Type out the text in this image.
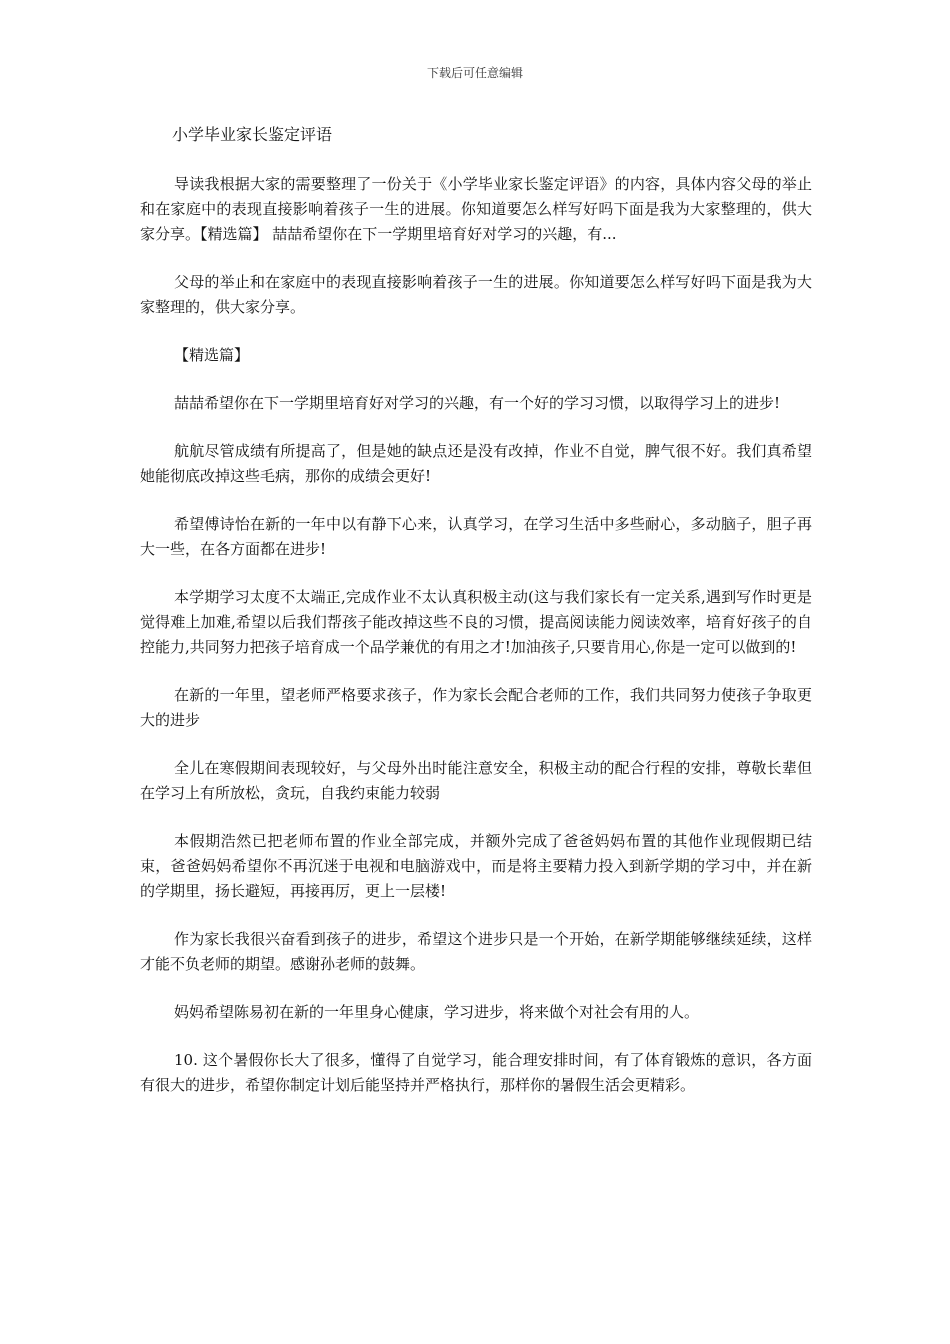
下载后可任意编辑
小学毕业家长鉴定评语

导读我根据大家的需要整理了一份关于《小学毕业家长鉴定评语》的内容，具体内容父母的举止和在家庭中的表现直接影响着孩子一生的进展。你知道要怎么样写好吗下面是我为大家整理的，供大家分享。【精选篇】 喆喆希望你在下一学期里培育好对学习的兴趣，有...

父母的举止和在家庭中的表现直接影响着孩子一生的进展。你知道要怎么样写好吗下面是我为大家整理的，供大家分享。

【精选篇】

喆喆希望你在下一学期里培育好对学习的兴趣，有一个好的学习习惯，以取得学习上的进步!

航航尽管成绩有所提高了，但是她的缺点还是没有改掉，作业不自觉，脾气很不好。我们真希望她能彻底改掉这些毛病，那你的成绩会更好!

希望傅诗怡在新的一年中以有静下心来，认真学习，在学习生活中多些耐心，多动脑子，胆子再大一些，在各方面都在进步!

本学期学习太度不太端正,完成作业不太认真积极主动(这与我们家长有一定关系,遇到写作时更是觉得难上加难,希望以后我们帮孩子能改掉这些不良的习惯，提高阅读能力阅读效率，培育好孩子的自控能力,共同努力把孩子培育成一个品学兼优的有用之才!加油孩子,只要肯用心,你是一定可以做到的!

在新的一年里，望老师严格要求孩子，作为家长会配合老师的工作，我们共同努力使孩子争取更大的进步

全儿在寒假期间表现较好，与父母外出时能注意安全，积极主动的配合行程的安排，尊敬长辈但在学习上有所放松，贪玩，自我约束能力较弱

本假期浩然已把老师布置的作业全部完成，并额外完成了爸爸妈妈布置的其他作业现假期已结束，爸爸妈妈希望你不再沉迷于电视和电脑游戏中，而是将主要精力投入到新学期的学习中，并在新的学期里，扬长避短，再接再厉，更上一层楼!

作为家长我很兴奋看到孩子的进步，希望这个进步只是一个开始，在新学期能够继续延续，这样才能不负老师的期望。感谢孙老师的鼓舞。

妈妈希望陈易初在新的一年里身心健康，学习进步，将来做个对社会有用的人。

10. 这个暑假你长大了很多，懂得了自觉学习，能合理安排时间，有了体育锻炼的意识，各方面有很大的进步，希望你制定计划后能坚持并严格执行，那样你的暑假生活会更精彩。
